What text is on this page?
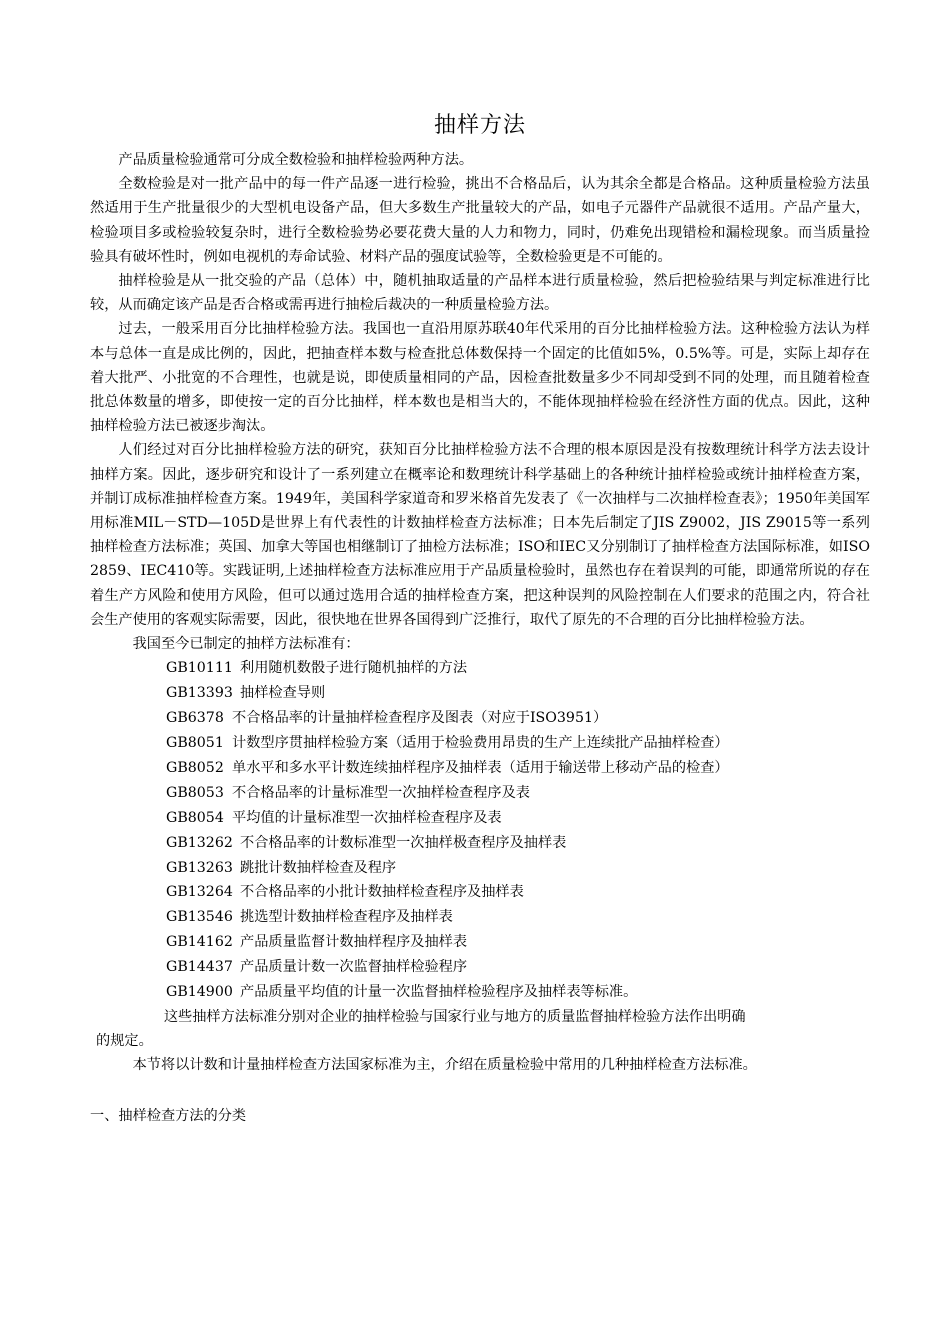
抽样方法

产品质量检验通常可分成全数检验和抽样检验两种方法。

全数检验是对一批产品中的每一件产品逐一进行检验，挑出不合格品后，认为其余全都是合格品。这种质量检验方法虽然适用于生产批量很少的大型机电设备产品，但大多数生产批量较大的产品，如电子元器件产品就很不适用。产品产量大，检验项目多或检验较复杂时，进行全数检验势必要花费大量的人力和物力，同时，仍难免出现错检和漏检现象。而当质量捡验具有破坏性时，例如电视机的寿命试验、材料产品的强度试验等，全数检验更是不可能的。

抽样检验是从一批交验的产品（总体）中，随机抽取适量的产品样本进行质量检验，然后把检验结果与判定标准进行比较，从而确定该产品是否合格或需再进行抽检后裁决的一种质量检验方法。

过去，一般采用百分比抽样检验方法。我国也一直沿用原苏联40年代采用的百分比抽样检验方法。这种检验方法认为样本与总体一直是成比例的，因此，把抽查样本数与检查批总体数保持一个固定的比值如5%，0.5%等。可是，实际上却存在着大批严、小批宽的不合理性，也就是说，即使质量相同的产品，因检查批数量多少不同却受到不同的处理，而且随着检查批总体数量的增多，即使按一定的百分比抽样，样本数也是相当大的，不能体现抽样检验在经济性方面的优点。因此，这种抽样检验方法已被逐步淘汰。

人们经过对百分比抽样检验方法的研究，获知百分比抽样检验方法不合理的根本原因是没有按数理统计科学方法去设计抽样方案。因此，逐步研究和设计了一系列建立在概率论和数理统计科学基础上的各种统计抽样检验或统计抽样检查方案，并制订成标准抽样检查方案。1949年，美国科学家道奇和罗米格首先发表了《一次抽样与二次抽样检查表》；1950年美国军用标准MIL－STD—105D是世界上有代表性的计数抽样检查方法标准；日本先后制定了JIS Z9002，JIS Z9015等一系列抽样检查方法标准；英国、加拿大等国也相继制订了抽检方法标准；ISO和IEC又分别制订了抽样检查方法国际标准，如ISO2859、IEC410等。实践证明,上述抽样检查方法标准应用于产品质量检验时，虽然也存在着误判的可能，即通常所说的存在着生产方风险和使用方风险，但可以通过选用合适的抽样检查方案，把这种误判的风险控制在人们要求的范围之内，符合社会生产使用的客观实际需要，因此，很快地在世界各国得到广泛推行，取代了原先的不合理的百分比抽样检验方法。

我国至今已制定的抽样方法标准有：

GB10111 利用随机数骰子进行随机抽样的方法
GB13393 抽样检查导则
GB6378 不合格品率的计量抽样检查程序及图表（对应于ISO3951）
GB8051 计数型序贯抽样检验方案（适用于检验费用昂贵的生产上连续批产品抽样检查）
GB8052 单水平和多水平计数连续抽样程序及抽样表（适用于输送带上移动产品的检查）
GB8053 不合格品率的计量标准型一次抽样检查程序及表
GB8054 平均值的计量标准型一次抽样检查程序及表
GB13262 不合格品率的计数标准型一次抽样极查程序及抽样表
GB13263 跳批计数抽样检查及程序
GB13264 不合格品率的小批计数抽样检查程序及抽样表
GB13546 挑选型计数抽样检查程序及抽样表
GB14162 产品质量监督计数抽样程序及抽样表
GB14437 产品质量计数一次监督抽样检验程序
GB14900 产品质量平均值的计量一次监督抽样检验程序及抽样表等标准。

这些抽样方法标准分别对企业的抽样检验与国家行业与地方的质量监督抽样检验方法作出明确

的规定。

本节将以计数和计量抽样检查方法国家标准为主，介绍在质量检验中常用的几种抽样检查方法标准。

一、抽样检查方法的分类
